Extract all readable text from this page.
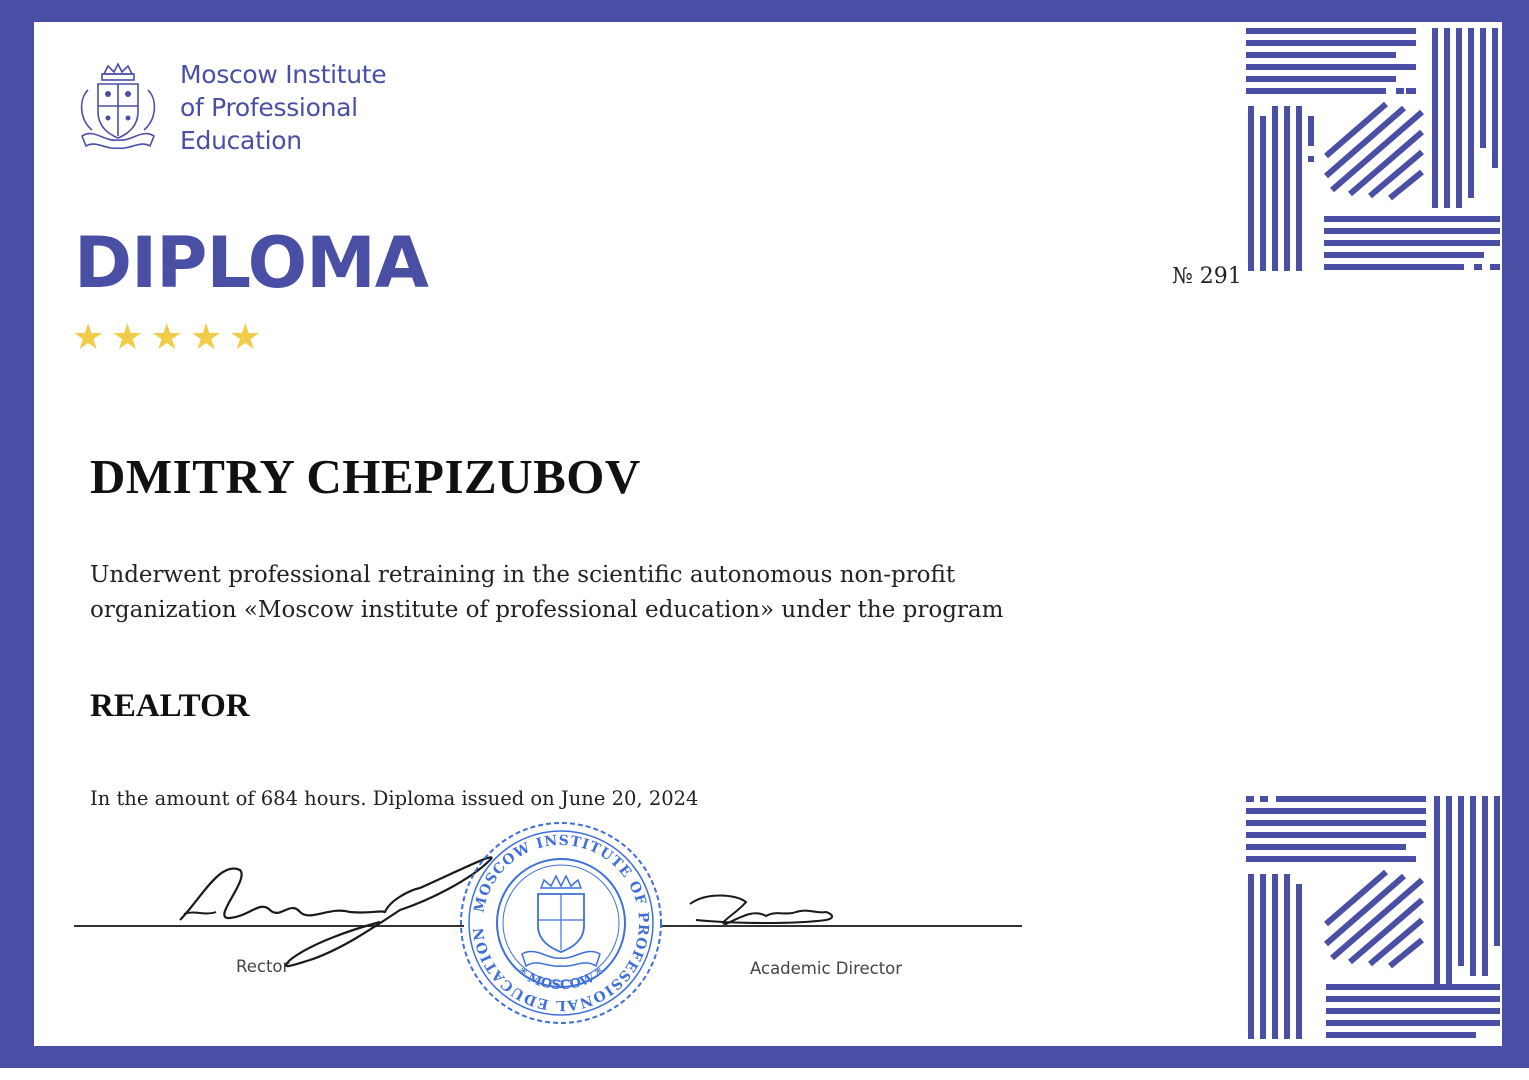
Moscow Institute
of Professional
Education
DIPLOMA
★ ★ ★ ★ ★
№ 291
DMITRY CHEPIZUBOV
Underwent professional retraining in the scientific autonomous non-profit
organization «Moscow institute of professional education» under the program
REALTOR
In the amount of 684 hours. Diploma issued on June 20, 2024
Rector	Academic Director
MOSCOW INSTITUTE OF PROFESSIONAL EDUCATION
* MOSCOW *
